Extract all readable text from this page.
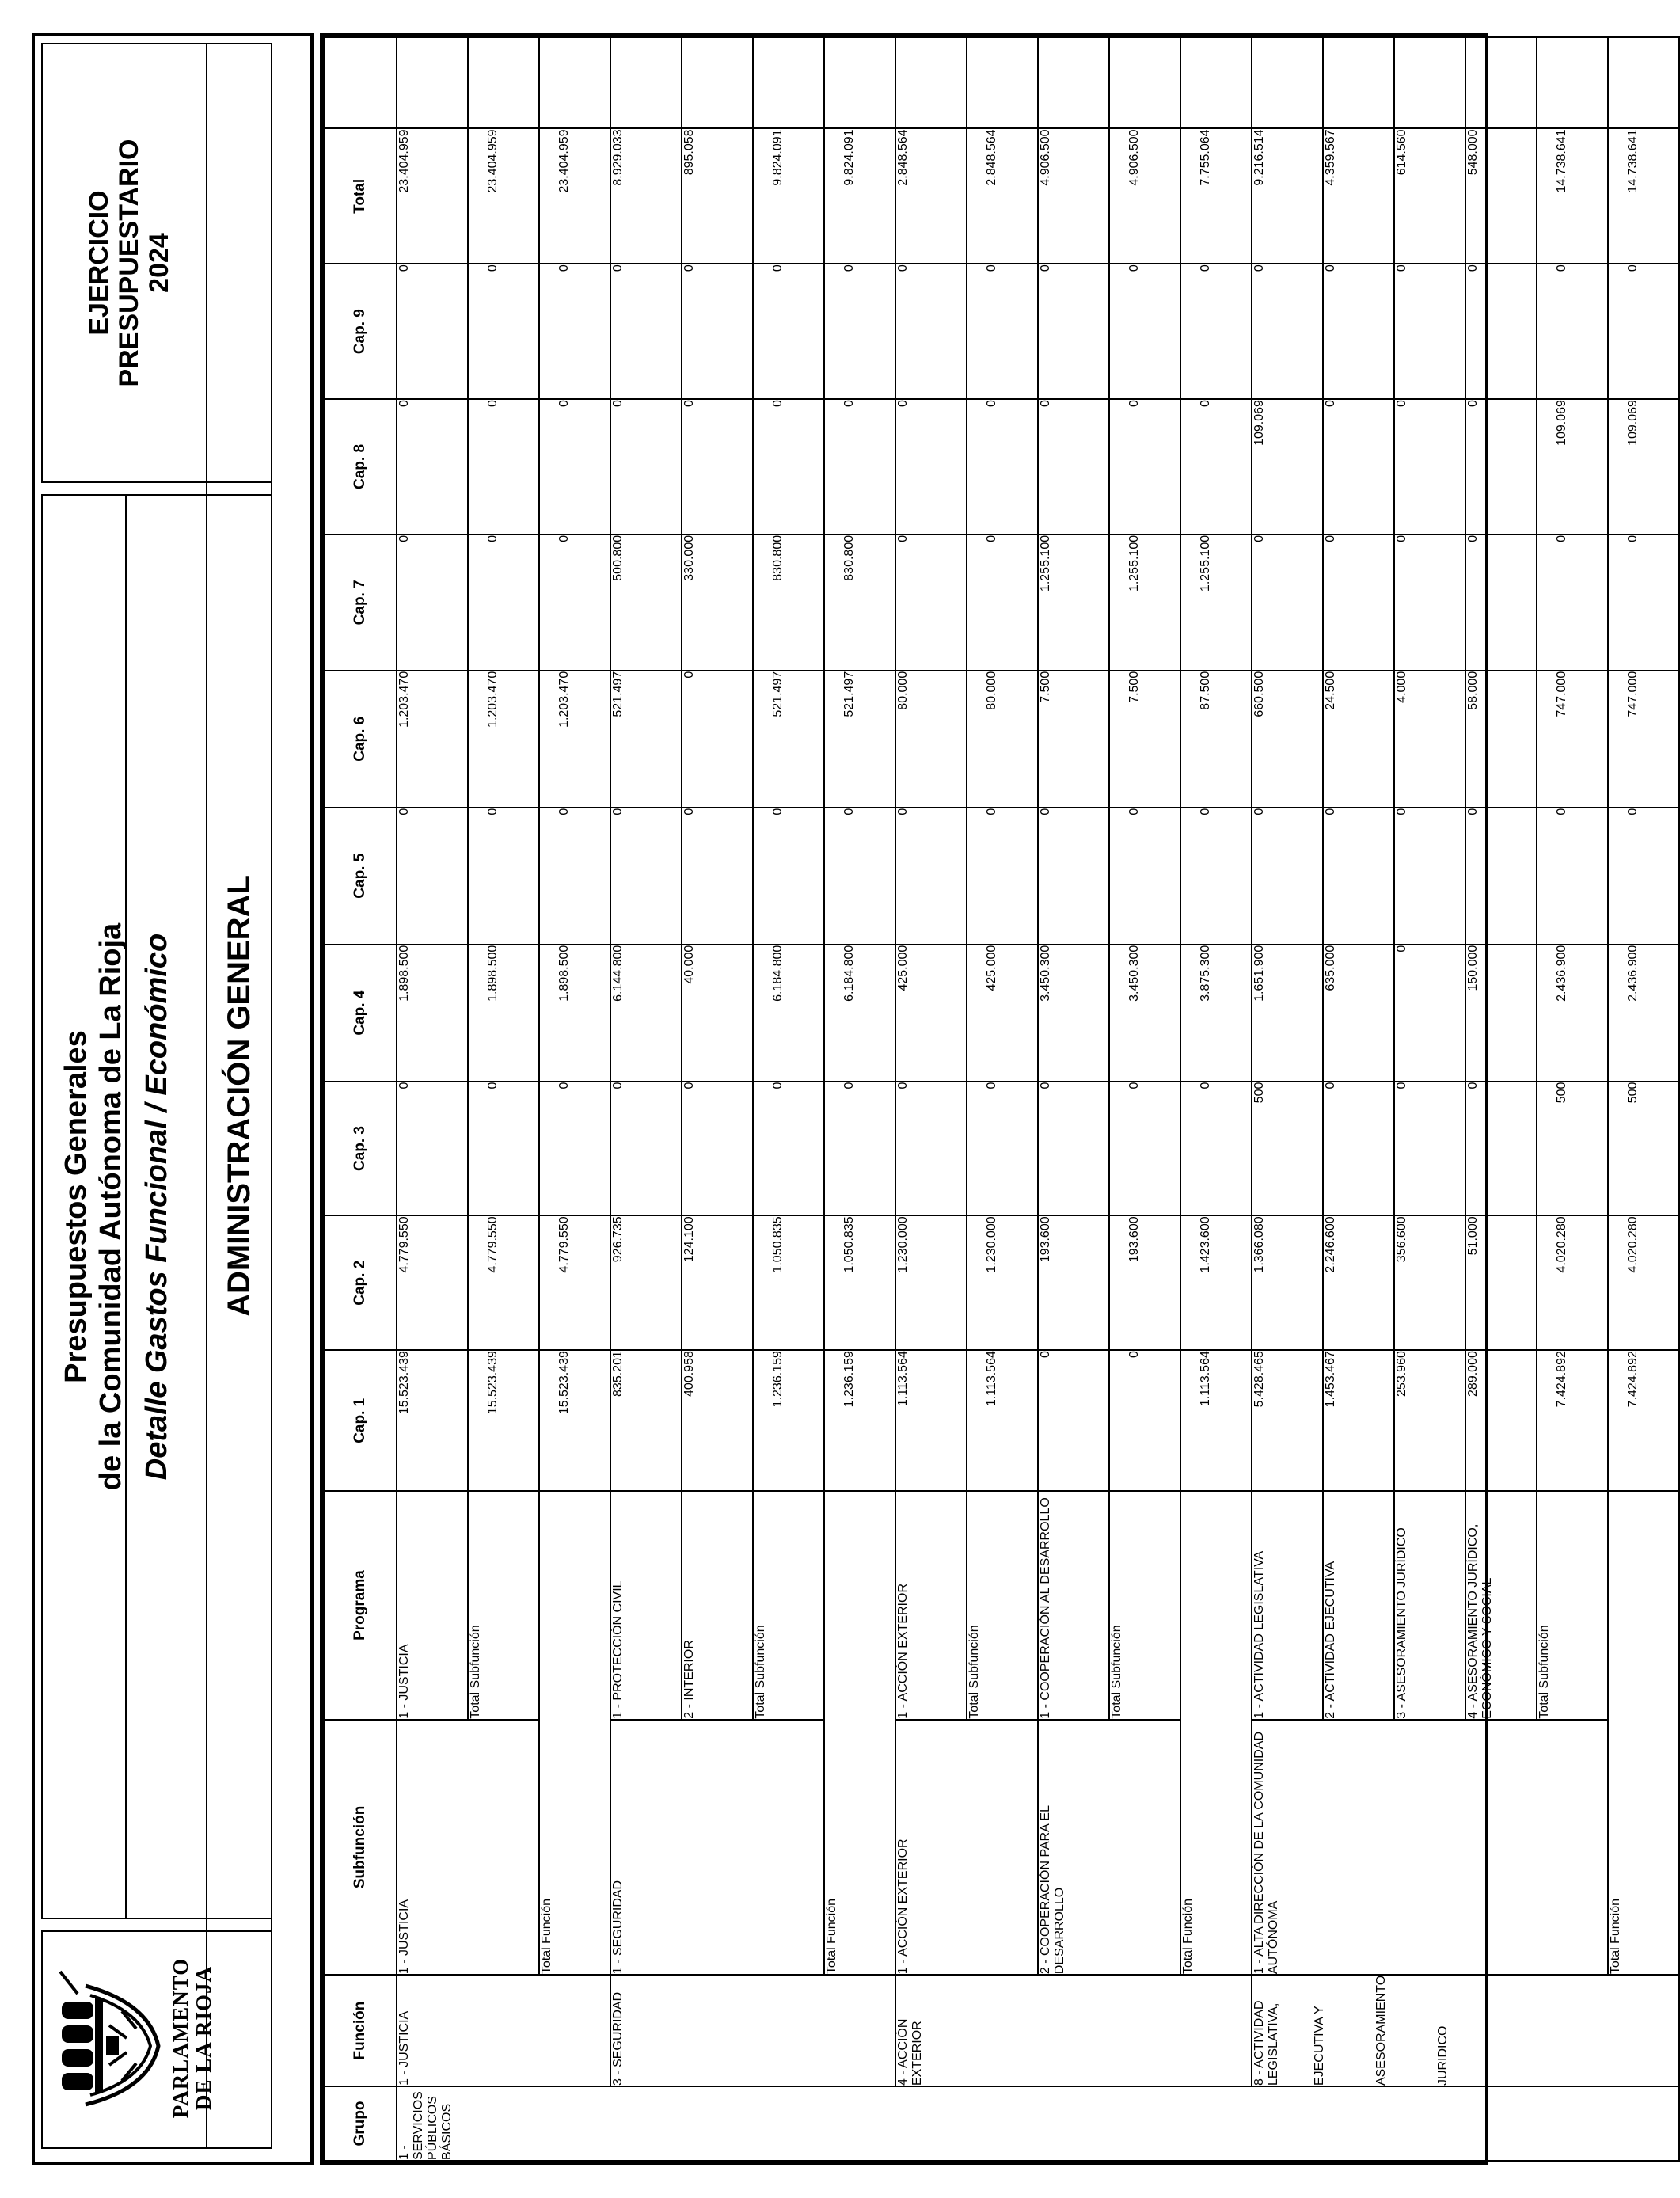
PARLAMENTO DE LA RIOJA
Presupuestos Generales de la Comunidad Autónoma de La Rioja Detalle Gastos Funcional / Económico
EJERCICIO PRESUPUESTARIO 2024
ADMINISTRACIÓN GENERAL
Grupo	Función	Subfunción	Programa	Cap. 1	Cap. 2	Cap. 3	Cap. 4	Cap. 5	Cap. 6	Cap. 7	Cap. 8	Cap. 9	Total	
1 - SERVICIOS PÚBLICOS BÁSICOS	1 - JUSTICIA	1 - JUSTICIA	1 - JUSTICIA	15.523.439	4.779.550	0	1.898.500	0	1.203.470	0	0	0	23.404.959	
			Total Subfunción	15.523.439	4.779.550	0	1.898.500	0	1.203.470	0	0	0	23.404.959	
		Total Función		15.523.439	4.779.550	0	1.898.500	0	1.203.470	0	0	0	23.404.959	
	3 - SEGURIDAD	1 - SEGURIDAD	1 - PROTECCIÓN CIVIL	835.201	926.735	0	6.144.800	0	521.497	500.800	0	0	8.929.033	
			2 - INTERIOR	400.958	124.100	0	40.000	0	0	330.000	0	0	895.058	
			Total Subfunción	1.236.159	1.050.835	0	6.184.800	0	521.497	830.800	0	0	9.824.091	
		Total Función		1.236.159	1.050.835	0	6.184.800	0	521.497	830.800	0	0	9.824.091	
	4 - ACCIÓN EXTERIOR	1 - ACCIÓN EXTERIOR	1 - ACCIÓN EXTERIOR	1.113.564	1.230.000	0	425.000	0	80.000	0	0	0	2.848.564	
			Total Subfunción	1.113.564	1.230.000	0	425.000	0	80.000	0	0	0	2.848.564	
		2 - COOPERACIÓN PARA EL DESARROLLO	1 - COOPERACIÓN AL DESARROLLO	0	193.600	0	3.450.300	0	7.500	1.255.100	0	0	4.906.500	
			Total Subfunción	0	193.600	0	3.450.300	0	7.500	1.255.100	0	0	4.906.500	
		Total Función		1.113.564	1.423.600	0	3.875.300	0	87.500	1.255.100	0	0	7.755.064	

	8 - ACTIVIDAD LEGISLATIVA, EJECUTIVA Y ASESORAMIENTO JURIDICO	1 - ALTA DIRECCIÓN DE LA COMUNIDAD AUTÓNOMA	1 - ACTIVIDAD LEGISLATIVA	5.428.465	1.366.080	500	1.651.900	0	660.500	0	109.069	0	9.216.514	
			2 - ACTIVIDAD EJECUTIVA	1.453.467	2.246.600	0	635.000	0	24.500	0	0	0	4.359.567	
			3 - ASESORAMIENTO JURÍDICO	253.960	356.600	0	0	0	4.000	0	0	0	614.560	
			4 - ASESORAMIENTO JURÍDICO, ECONÓMICO Y SOCIAL	289.000	51.000	0	150.000	0	58.000	0	0	0	548.000	
			Total Subfunción	7.424.892	4.020.280	500	2.436.900	0	747.000	0	109.069	0	14.738.641	
		Total Función		7.424.892	4.020.280	500	2.436.900	0	747.000	0	109.069	0	14.738.641	
